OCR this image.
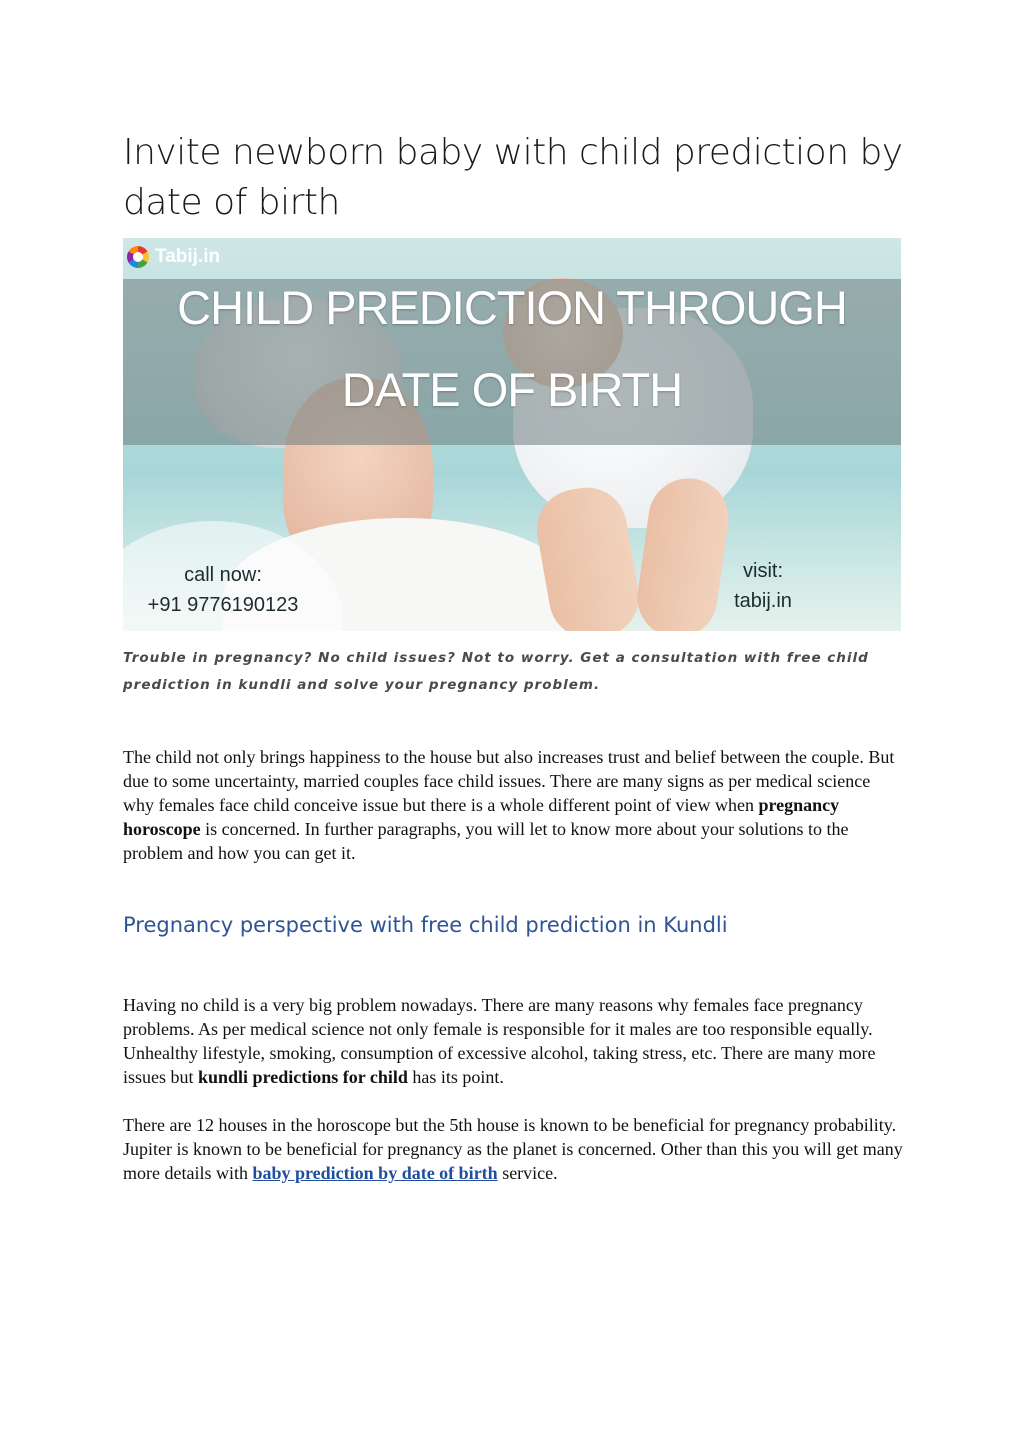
Invite newborn baby with child prediction by date of birth
Tabij.in
CHILD PREDICTION THROUGH
DATE OF BIRTH
call now:
+91 9776190123
visit:
tabij.in
Trouble in pregnancy? No child issues? Not to worry. Get a consultation with free child prediction in kundli and solve your pregnancy problem.

The child not only brings happiness to the house but also increases trust and belief between the couple. But due to some uncertainty, married couples face child issues. There are many signs as per medical science why females face child conceive issue but there is a whole different point of view when pregnancy horoscope is concerned. In further paragraphs, you will let to know more about your solutions to the problem and how you can get it.

Pregnancy perspective with free child prediction in Kundli

Having no child is a very big problem nowadays. There are many reasons why females face pregnancy problems. As per medical science not only female is responsible for it males are too responsible equally. Unhealthy lifestyle, smoking, consumption of excessive alcohol, taking stress, etc. There are many more issues but kundli predictions for child has its point.

There are 12 houses in the horoscope but the 5th house is known to be beneficial for pregnancy probability. Jupiter is known to be beneficial for pregnancy as the planet is concerned. Other than this you will get many more details with baby prediction by date of birth service.
